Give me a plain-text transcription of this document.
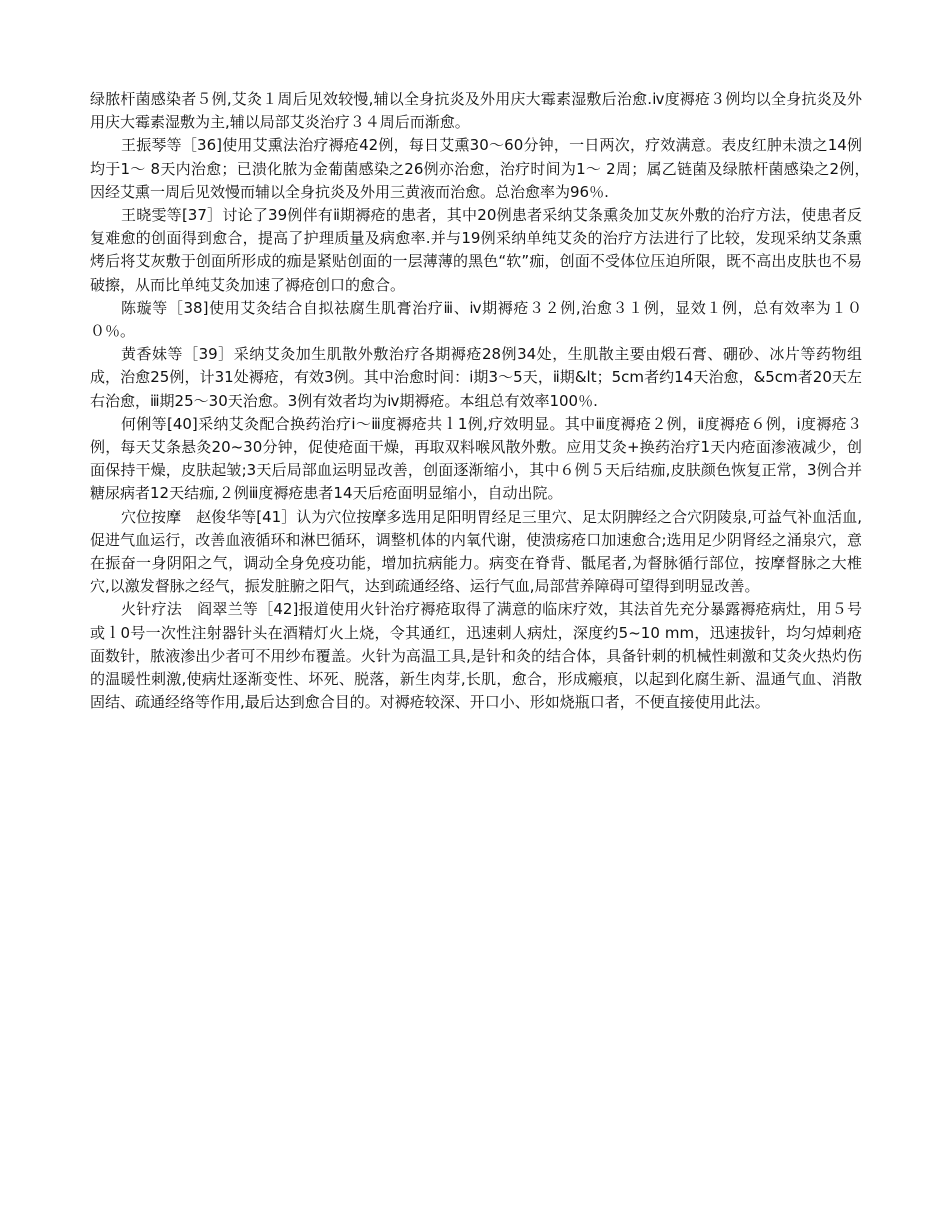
绿脓杆菌感染者５例,艾灸１周后见效较慢,辅以全身抗炎及外用庆大霉素湿敷后治愈.ⅳ度褥疮３例均以全身抗炎及外用庆大霉素湿敷为主,辅以局部艾炎治疗３４周后而渐愈。

王振琴等［36]使用艾熏法治疗褥疮42例，每日艾熏30～60分钟，一日两次，疗效满意。表皮红肿未溃之14例均于1～ 8天内治愈；已溃化脓为金葡菌感染之26例亦治愈，治疗时间为1～ 2周；属乙链菌及绿脓杆菌感染之2例，　因经艾熏一周后见效慢而辅以全身抗炎及外用三黄液而治愈。总治愈率为96％.

王晓雯等[37］讨论了39例伴有ⅱ期褥疮的患者，其中20例患者采纳艾条熏灸加艾灰外敷的治疗方法，使患者反复难愈的创面得到愈合，提高了护理质量及病愈率.并与19例采纳单纯艾灸的治疗方法进行了比较，发现采纳艾条熏烤后将艾灰敷于创面所形成的痂是紧贴创面的一层薄薄的黑色“软”痂，创面不受体位压迫所限，既不高出皮肤也不易破擦，从而比单纯艾灸加速了褥疮创口的愈合。

陈璇等［38]使用艾灸结合自拟祛腐生肌膏治疗ⅲ、ⅳ期褥疮３２例,治愈３１例，显效１例，总有效率为１００％。

黄香妹等［39］采纳艾灸加生肌散外敷治疗各期褥疮28例34处，生肌散主要由煅石膏、硼砂、冰片等药物组成，治愈25例，计31处褥疮，有效3例。其中治愈时间：ⅰ期3～5天，ⅱ期&lt；5cm者约14天治愈，&5cm者20天左右治愈，ⅲ期25～30天治愈。3例有效者均为ⅳ期褥疮。本组总有效率100％.

何俐等[40]采纳艾灸配合换药治疗ⅰ～ⅲ度褥疮共ｌ1例,疗效明显。其中ⅲ度褥疮２例，ⅱ度褥疮６例，ⅰ度褥疮３例，每天艾条悬灸20~30分钟，促使疮面干燥，再取双料喉风散外敷。应用艾灸+换药治疗1天内疮面渗液减少，创面保持干燥，皮肤起皱;3天后局部血运明显改善，创面逐渐缩小，其中６例５天后结痂,皮肤颜色恢复正常，3例合并糖尿病者12天结痂,２例ⅲ度褥疮患者14天后疮面明显缩小，自动出院。

穴位按摩　赵俊华等[41］认为穴位按摩多选用足阳明胃经足三里穴、足太阴脾经之合穴阴陵泉,可益气补血活血,促进气血运行，改善血液循环和淋巴循环，调整机体的内氧代谢，使溃疡疮口加速愈合;选用足少阴肾经之涌泉穴，意在振奋一身阴阳之气，调动全身免疫功能，增加抗病能力。病变在脊背、骶尾者,为督脉循行部位，按摩督脉之大椎穴,以激发督脉之经气，振发脏腑之阳气，达到疏通经络、运行气血,局部营养障碍可望得到明显改善。

火针疗法　阎翠兰等［42]报道使用火针治疗褥疮取得了满意的临床疗效，其法首先充分暴露褥疮病灶，用５号或ｌ0号一次性注射器针头在酒精灯火上烧，令其通红，迅速刺人病灶，深度约5~10 mm，迅速拔针，均匀焯刺疮面数针，脓液渗出少者可不用纱布覆盖。火针为高温工具,是针和灸的结合体，具备针刺的机械性刺激和艾灸火热灼伤的温暖性刺激,使病灶逐渐变性、坏死、脱落，新生肉芽,长肌，愈合，形成瘢痕，以起到化腐生新、温通气血、消散固结、疏通经络等作用,最后达到愈合目的。对褥疮较深、开口小、形如烧瓶口者，不便直接使用此法。
